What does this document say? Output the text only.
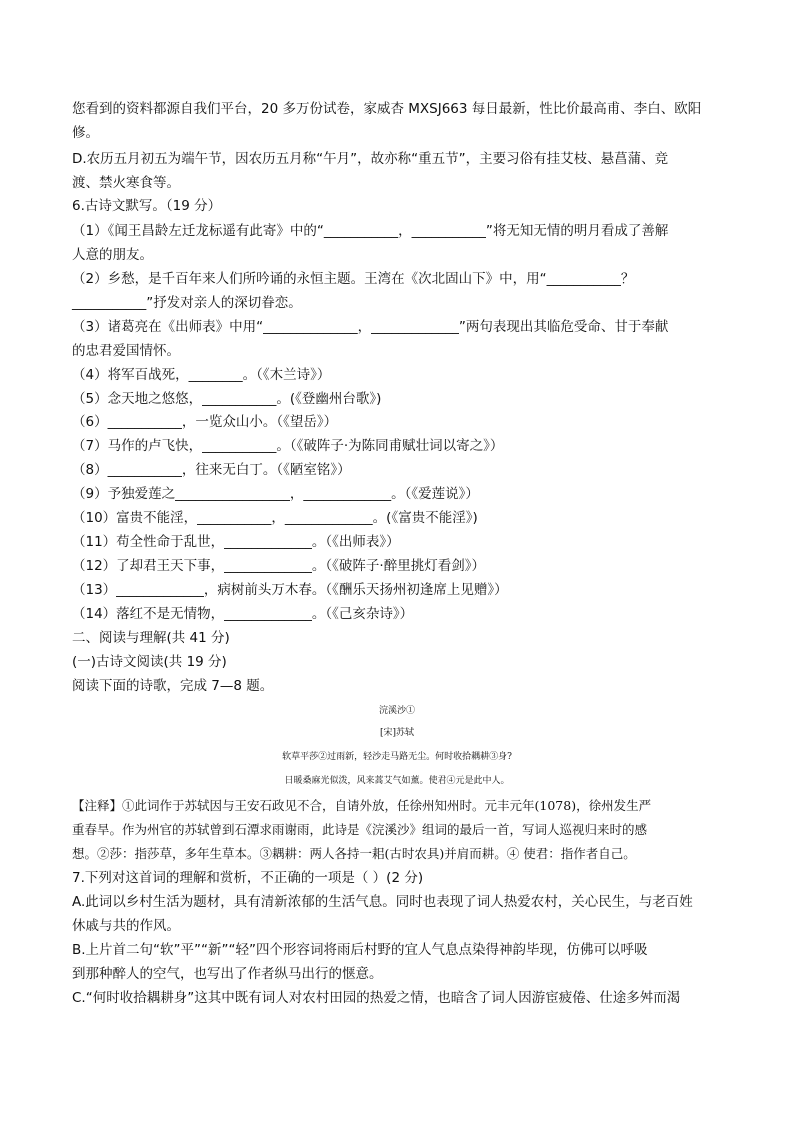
您看到的资料都源自我们平台，20 多万份试卷，家威杏 MXSJ663 每日最新，性比价最高甫、李白、欧阳
修。
D.农历五月初五为端午节，因农历五月称“午月”，故亦称“重五节”，主要习俗有挂艾枝、悬菖蒲、竞
渡、禁火寒食等。
6.古诗文默写。（19 分）
（1）《闻王昌龄左迁龙标遥有此寄》中的“___________，___________”将无知无情的明月看成了善解
人意的朋友。
（2）乡愁，是千百年来人们所吟诵的永恒主题。王湾在《次北固山下》中，用“___________？
___________”抒发对亲人的深切眷恋。
（3）诸葛亮在《出师表》中用“______________，_____________”两句表现出其临危受命、甘于奉献
的忠君爱国情怀。
（4）将军百战死，________。（《木兰诗》）
（5）念天地之悠悠，___________。(《登幽州台歌》)
（6）___________，一览众山小。（《望岳》）
（7）马作的卢飞快，___________。（《破阵子·为陈同甫赋壮词以寄之》）
（8）___________，往来无白丁。（《陋室铭》）
（9）予独爱莲之_________________，_____________。（《爱莲说》）
（10）富贵不能淫，___________，_____________。(《富贵不能淫》)
（11）苟全性命于乱世，_____________。（《出师表》）
（12）了却君王天下事，_____________。（《破阵子·醉里挑灯看剑》）
（13）_____________，病树前头万木春。（《酬乐天扬州初逢席上见赠》）
（14）落红不是无情物，_____________。（《己亥杂诗》）
二、阅读与理解(共 41 分)
(一)古诗文阅读(共 19 分)
阅读下面的诗歌，完成 7—8 题。
浣溪沙①
[宋]苏轼
软草平莎②过雨新，轻沙走马路无尘。何时收拾耦耕③身?
日暖桑麻光似泼，风来蒿艾气如薰。使君④元是此中人。
【注释】①此词作于苏轼因与王安石政见不合，自请外放，任徐州知州时。元丰元年(1078)，徐州发生严
重春旱。作为州官的苏轼曾到石潭求雨谢雨，此诗是《浣溪沙》组词的最后一首，写词人巡视归来时的感
想。②莎：指莎草，多年生草本。③耦耕：两人各持一耜(古时农具)并肩而耕。④ 使君：指作者自己。
7.下列对这首词的理解和赏析，不正确的一项是（ ）(2 分)
A.此词以乡村生活为题材，具有清新浓郁的生活气息。同时也表现了词人热爱农村，关心民生，与老百姓
休戚与共的作风。
B.上片首二句“软”平”“新”“轻”四个形容词将雨后村野的宜人气息点染得神韵毕现，仿佛可以呼吸
到那种醉人的空气，也写出了作者纵马出行的惬意。
C.“何时收拾耦耕身”这其中既有词人对农村田园的热爱之情，也暗含了词人因游宦疲倦、仕途多舛而渴
